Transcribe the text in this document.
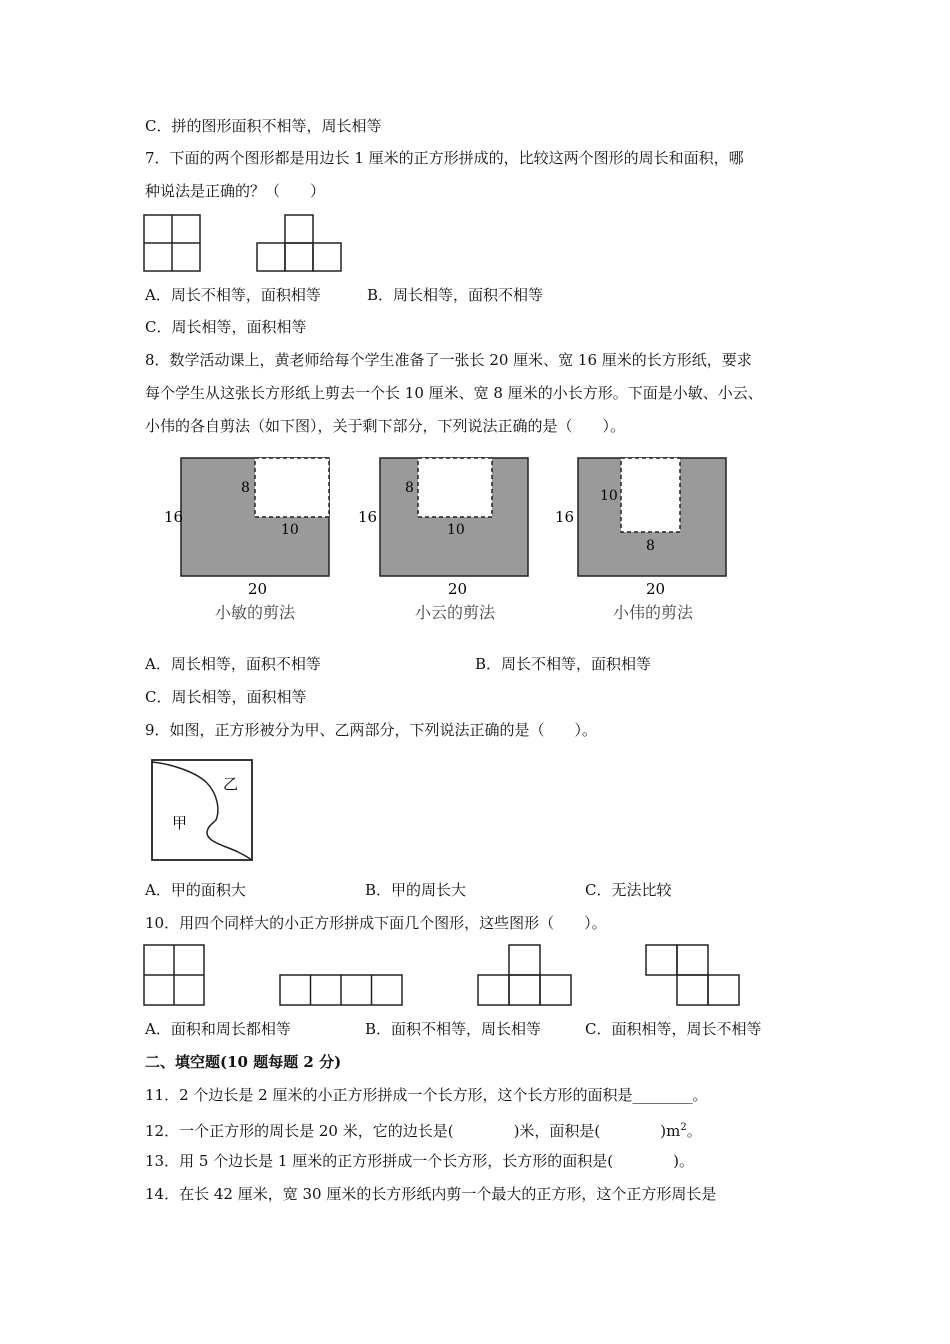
C．拼的图形面积不相等，周长相等
7．下面的两个图形都是用边长 1 厘米的正方形拼成的，比较这两个图形的周长和面积，哪
种说法是正确的？（　　）
A．周长不相等，面积相等	B．周长相等，面积不相等
C．周长相等，面积相等
8．数学活动课上，黄老师给每个学生准备了一张长 20 厘米、宽 16 厘米的长方形纸，要求
每个学生从这张长方形纸上剪去一个长 10 厘米、宽 8 厘米的小长方形。下面是小敏、小云、
小伟的各自剪法（如下图），关于剩下部分，下列说法正确的是（　　）。
16
8
10
20
小敏的剪法
16
8
10
20
小云的剪法
16
10
8
20
小伟的剪法
A．周长相等，面积不相等	B．周长不相等，面积相等
C．周长相等，面积相等
9．如图，正方形被分为甲、乙两部分，下列说法正确的是（　　）。
甲
乙
A．甲的面积大	B．甲的周长大	C．无法比较
10．用四个同样大的小正方形拼成下面几个图形，这些图形（　　）。
A．面积和周长都相等	B．面积不相等，周长相等	C．面积相等，周长不相等
二、填空题(10 题每题 2 分)
11．2 个边长是 2 厘米的小正方形拼成一个长方形，这个长方形的面积是________。
12．一个正方形的周长是 20 米，它的边长是(　　　　)米，面积是(　　　　)$m^2$。
13．用 5 个边长是 1 厘米的正方形拼成一个长方形，长方形的面积是(　　　　)。
14．在长 42 厘米，宽 30 厘米的长方形纸内剪一个最大的正方形，这个正方形周长是
